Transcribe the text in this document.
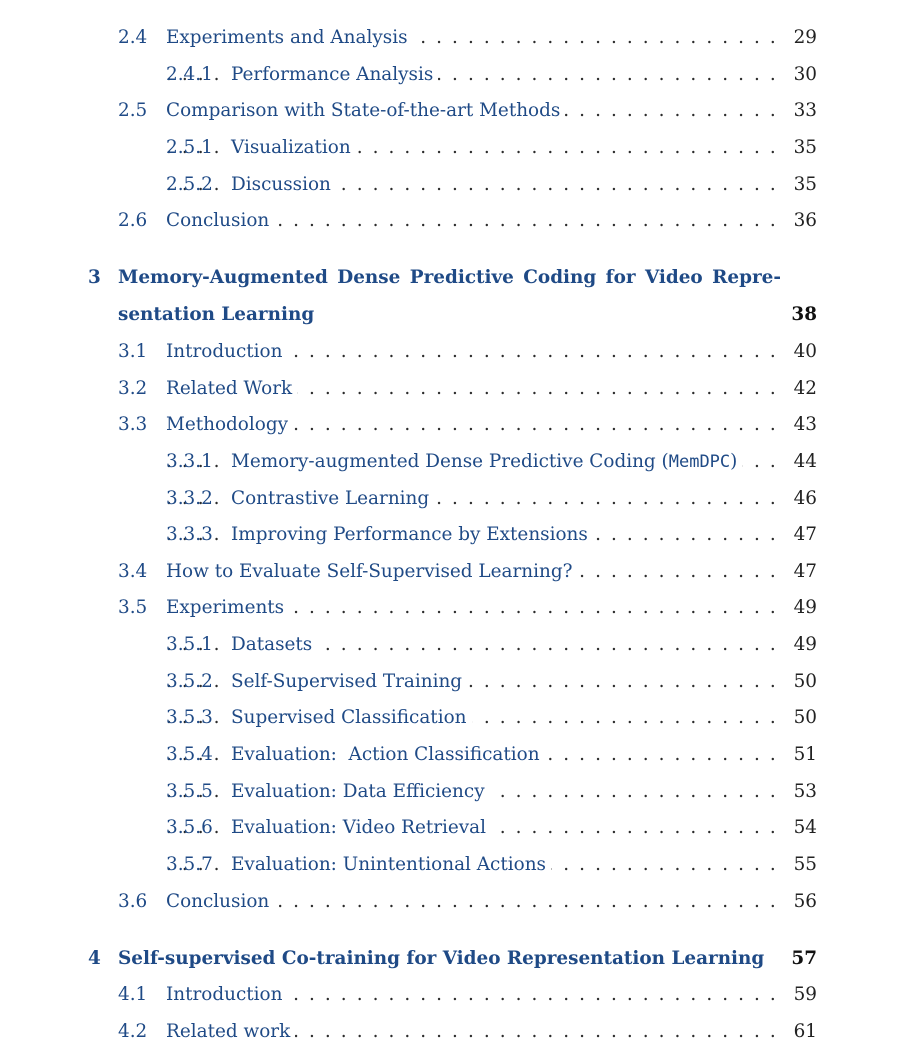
. . .
2.4 Experiments and Analysis	29
. . .
2.4.1 Performance Analysis	30
. . .
2.5 Comparison with State-of-the-art Methods	33
. . .
2.5.1 Visualization	35
. . .
2.5.2 Discussion	35
. . .
2.6 Conclusion	36
3 Memory-Augmented Dense Predictive Coding for Video Repre-
sentation Learning	38
. . .
3.1 Introduction	40
. . .
3.2 Related Work	42
. . .
3.3 Methodology	43
. . .
3.3.1 Memory-augmented Dense Predictive Coding (MemDPC)	44
. . .
3.3.2 Contrastive Learning	46
. . .
3.3.3 Improving Performance by Extensions	47
. . .
3.4 How to Evaluate Self-Supervised Learning?	47
. . .
3.5 Experiments	49
. . .
3.5.1 Datasets	49
. . .
3.5.2 Self-Supervised Training	50
. . .
3.5.3 Supervised Classification	50
. . .
3.5.4 Evaluation:  Action Classification	51
. . .
3.5.5 Evaluation: Data Efficiency	53
. . .
3.5.6 Evaluation: Video Retrieval	54
. . .
3.5.7 Evaluation: Unintentional Actions	55
. . .
3.6 Conclusion	56
4 Self-supervised Co-training for Video Representation Learning	57
. . .
4.1 Introduction	59
. . .
4.2 Related work	61
